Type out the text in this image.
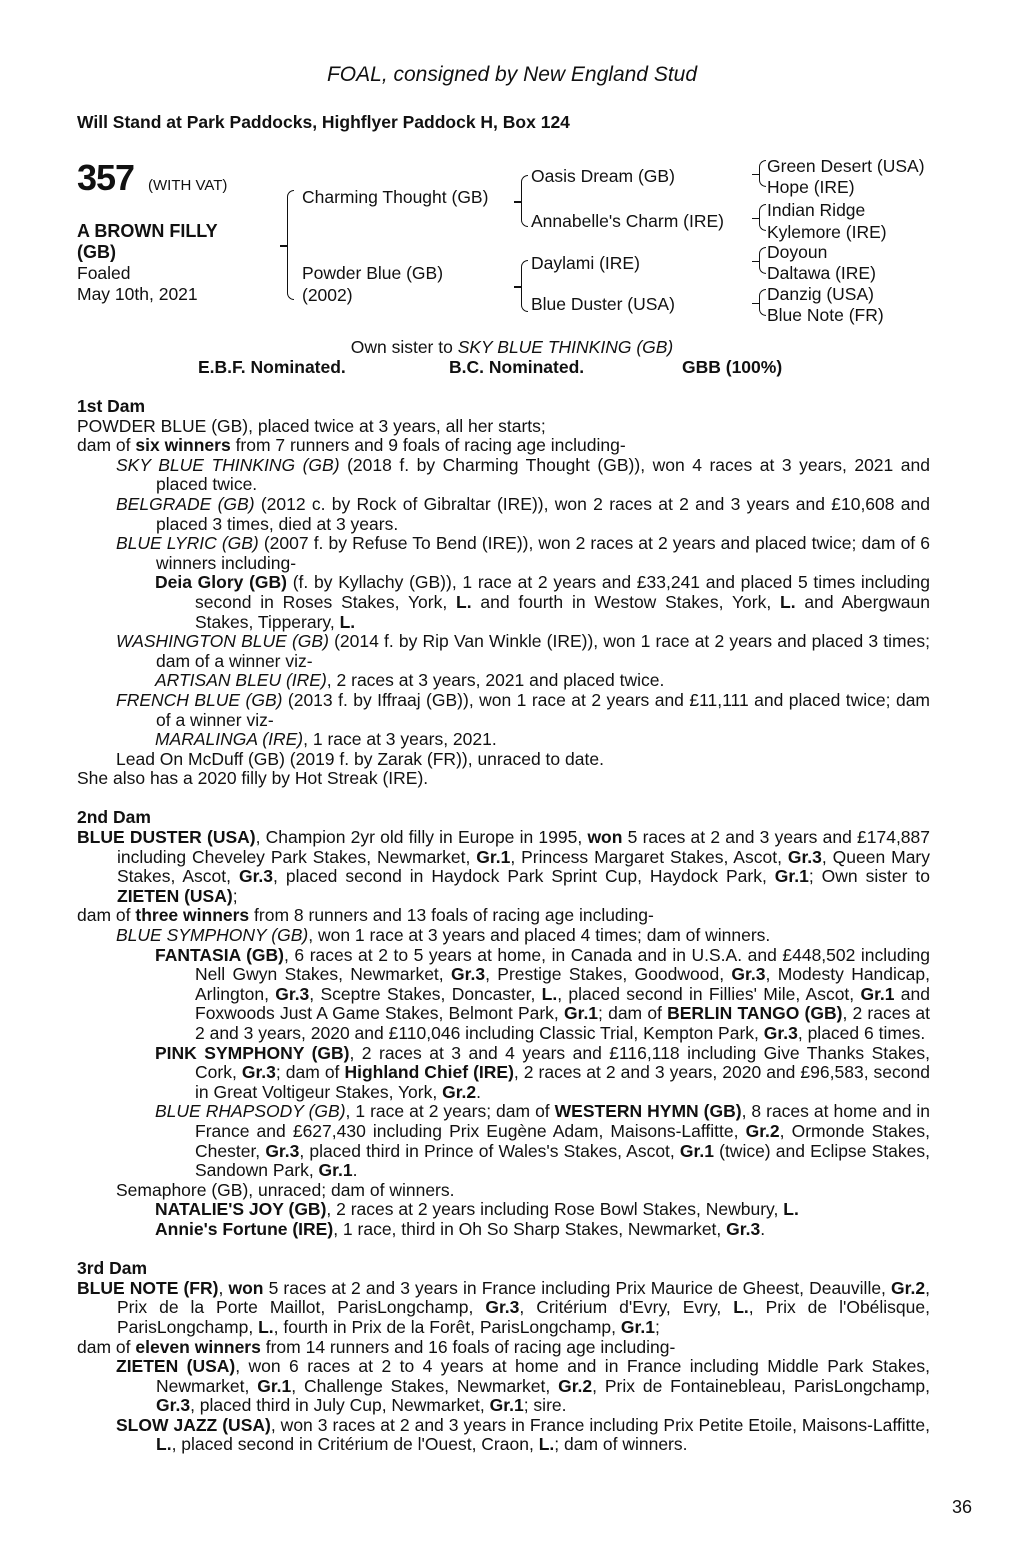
FOAL, consigned by New England Stud
Will Stand at Park Paddocks, Highflyer Paddock H, Box 124
357 (WITH VAT)
A BROWN FILLY
(GB)
Foaled
May 10th, 2021
Charming Thought (GB)
Powder Blue (GB)
(2002)
Oasis Dream (GB)
Annabelle's Charm (IRE)
Daylami (IRE)
Blue Duster (USA)
Green Desert (USA)
Hope (IRE)
Indian Ridge
Kylemore (IRE)
Doyoun
Daltawa (IRE)
Danzig (USA)
Blue Note (FR)
Own sister to SKY BLUE THINKING (GB)
E.B.F. Nominated.	B.C. Nominated.	GBB (100%)
1st Dam
POWDER BLUE (GB), placed twice at 3 years, all her starts;
dam of six winners from 7 runners and 9 foals of racing age including-
SKY BLUE THINKING (GB) (2018 f. by Charming Thought (GB)), won 4 races at 3 years, 2021 and placed twice.
BELGRADE (GB) (2012 c. by Rock of Gibraltar (IRE)), won 2 races at 2 and 3 years and £10,608 and placed 3 times, died at 3 years.
BLUE LYRIC (GB) (2007 f. by Refuse To Bend (IRE)), won 2 races at 2 years and placed twice; dam of 6 winners including-
Deia Glory (GB) (f. by Kyllachy (GB)), 1 race at 2 years and £33,241 and placed 5 times including second in Roses Stakes, York, L. and fourth in Westow Stakes, York, L. and Abergwaun Stakes, Tipperary, L.
WASHINGTON BLUE (GB) (2014 f. by Rip Van Winkle (IRE)), won 1 race at 2 years and placed 3 times; dam of a winner viz-
ARTISAN BLEU (IRE), 2 races at 3 years, 2021 and placed twice.
FRENCH BLUE (GB) (2013 f. by Iffraaj (GB)), won 1 race at 2 years and £11,111 and placed twice; dam of a winner viz-
MARALINGA (IRE), 1 race at 3 years, 2021.
Lead On McDuff (GB) (2019 f. by Zarak (FR)), unraced to date.
She also has a 2020 filly by Hot Streak (IRE).
2nd Dam
BLUE DUSTER (USA), Champion 2yr old filly in Europe in 1995, won 5 races at 2 and 3 years and £174,887 including Cheveley Park Stakes, Newmarket, Gr.1, Princess Margaret Stakes, Ascot, Gr.3, Queen Mary Stakes, Ascot, Gr.3, placed second in Haydock Park Sprint Cup, Haydock Park, Gr.1; Own sister to ZIETEN (USA);
dam of three winners from 8 runners and 13 foals of racing age including-
BLUE SYMPHONY (GB), won 1 race at 3 years and placed 4 times; dam of winners.
FANTASIA (GB), 6 races at 2 to 5 years at home, in Canada and in U.S.A. and £448,502 including Nell Gwyn Stakes, Newmarket, Gr.3, Prestige Stakes, Goodwood, Gr.3, Modesty Handicap, Arlington, Gr.3, Sceptre Stakes, Doncaster, L., placed second in Fillies' Mile, Ascot, Gr.1 and Foxwoods Just A Game Stakes, Belmont Park, Gr.1; dam of BERLIN TANGO (GB), 2 races at 2 and 3 years, 2020 and £110,046 including Classic Trial, Kempton Park, Gr.3, placed 6 times.
PINK SYMPHONY (GB), 2 races at 3 and 4 years and £116,118 including Give Thanks Stakes, Cork, Gr.3; dam of Highland Chief (IRE), 2 races at 2 and 3 years, 2020 and £96,583, second in Great Voltigeur Stakes, York, Gr.2.
BLUE RHAPSODY (GB), 1 race at 2 years; dam of WESTERN HYMN (GB), 8 races at home and in France and £627,430 including Prix Eugène Adam, Maisons-Laffitte, Gr.2, Ormonde Stakes, Chester, Gr.3, placed third in Prince of Wales's Stakes, Ascot, Gr.1 (twice) and Eclipse Stakes, Sandown Park, Gr.1.
Semaphore (GB), unraced; dam of winners.
NATALIE'S JOY (GB), 2 races at 2 years including Rose Bowl Stakes, Newbury, L.
Annie's Fortune (IRE), 1 race, third in Oh So Sharp Stakes, Newmarket, Gr.3.
3rd Dam
BLUE NOTE (FR), won 5 races at 2 and 3 years in France including Prix Maurice de Gheest, Deauville, Gr.2, Prix de la Porte Maillot, ParisLongchamp, Gr.3, Critérium d'Evry, Evry, L., Prix de l'Obélisque, ParisLongchamp, L., fourth in Prix de la Forêt, ParisLongchamp, Gr.1;
dam of eleven winners from 14 runners and 16 foals of racing age including-
ZIETEN (USA), won 6 races at 2 to 4 years at home and in France including Middle Park Stakes, Newmarket, Gr.1, Challenge Stakes, Newmarket, Gr.2, Prix de Fontainebleau, ParisLongchamp, Gr.3, placed third in July Cup, Newmarket, Gr.1; sire.
SLOW JAZZ (USA), won 3 races at 2 and 3 years in France including Prix Petite Etoile, Maisons-Laffitte, L., placed second in Critérium de l'Ouest, Craon, L.; dam of winners.
36
